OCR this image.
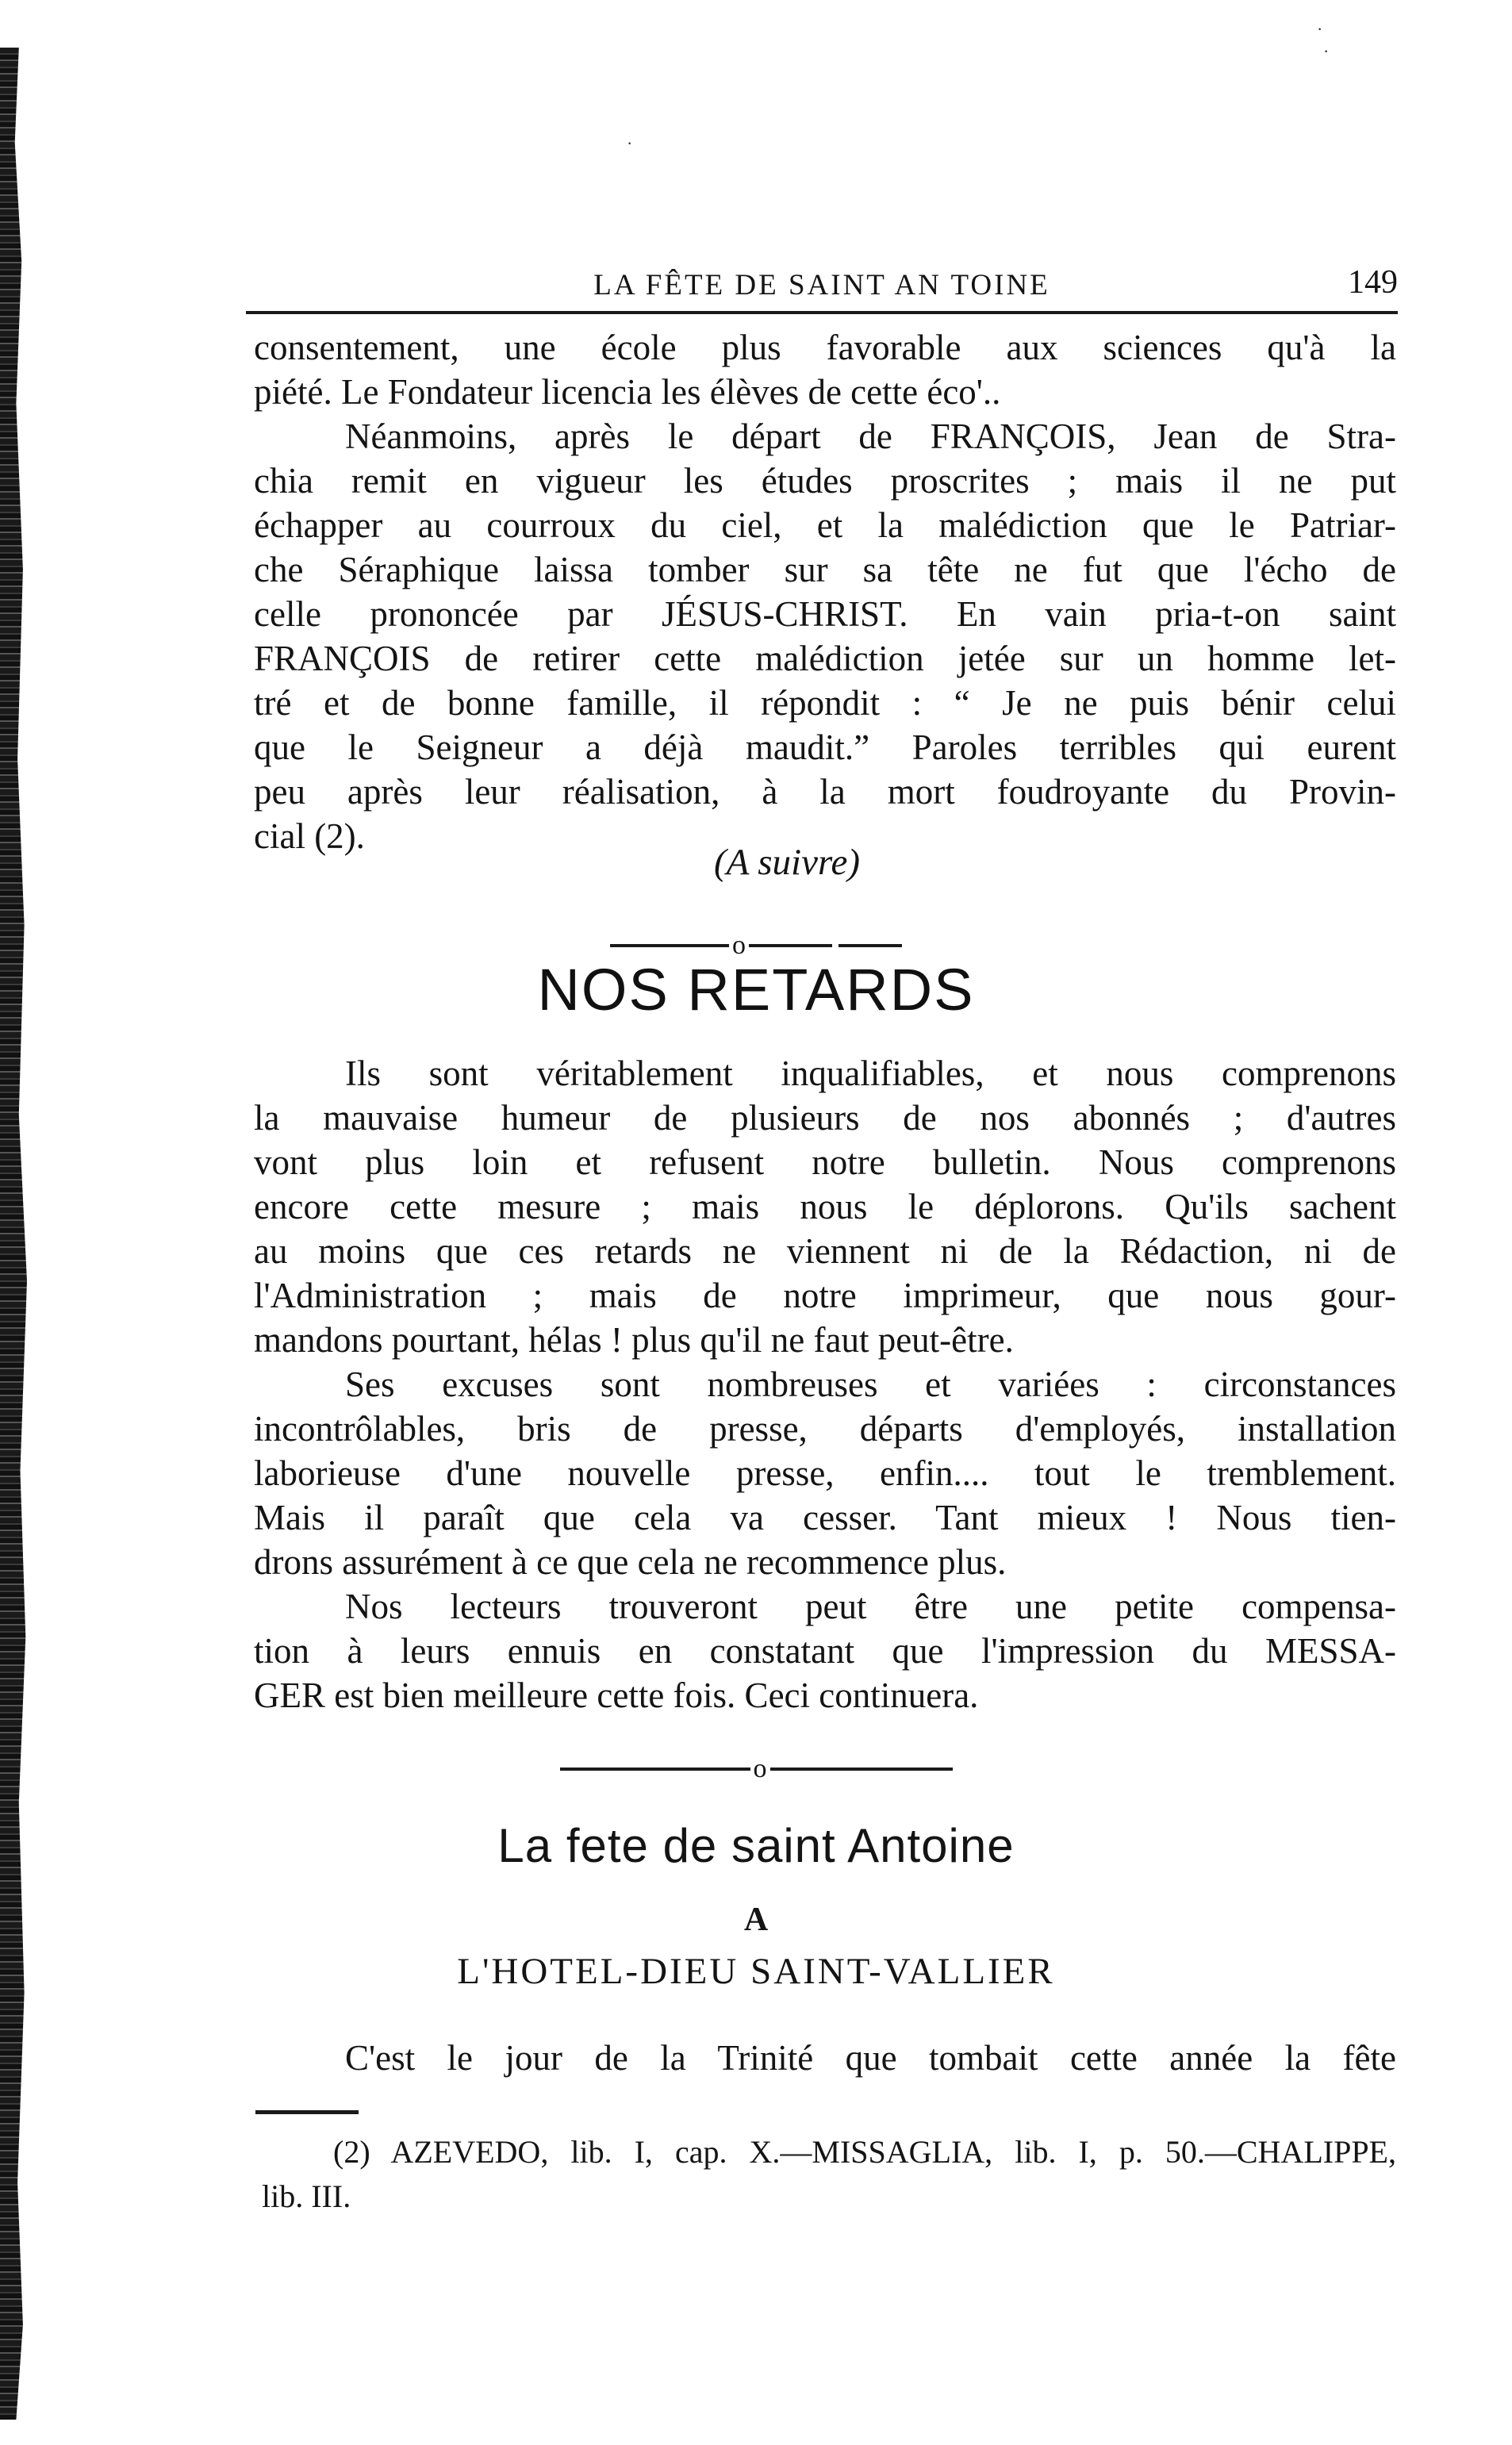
·
·
·
LA FÊTE DE SAINT AN TOINE	149
consentement, une école plus favorable aux sciences qu'à la
piété. Le Fondateur licencia les élèves de cette éco'..
Néanmoins, après le départ de FRANÇOIS, Jean de Stra-
chia remit en vigueur les études proscrites ; mais il ne put
échapper au courroux du ciel, et la malédiction que le Patriar-
che Séraphique laissa tomber sur sa tête ne fut que l'écho de
celle prononcée par JÉSUS-CHRIST. En vain pria-t-on saint
FRANÇOIS de retirer cette malédiction jetée sur un homme let-
tré et de bonne famille, il répondit : “ Je ne puis bénir celui
que le Seigneur a déjà maudit.” Paroles terribles qui eurent
peu après leur réalisation, à la mort foudroyante du Provin-
cial (2).
(A suivre)
o
NOS RETARDS
Ils sont véritablement inqualifiables, et nous comprenons
la mauvaise humeur de plusieurs de nos abonnés ; d'autres
vont plus loin et refusent notre bulletin. Nous comprenons
encore cette mesure ; mais nous le déplorons. Qu'ils sachent
au moins que ces retards ne viennent ni de la Rédaction, ni de
l'Administration ; mais de notre imprimeur, que nous gour-
mandons pourtant, hélas ! plus qu'il ne faut peut-être.
Ses excuses sont nombreuses et variées : circonstances
incontrôlables, bris de presse, départs d'employés, installation
laborieuse d'une nouvelle presse, enfin.... tout le tremblement.
Mais il paraît que cela va cesser. Tant mieux ! Nous tien-
drons assurément à ce que cela ne recommence plus.
Nos lecteurs trouveront peut être une petite compensa-
tion à leurs ennuis en constatant que l'impression du MESSA-
GER est bien meilleure cette fois. Ceci continuera.
o
La fete de saint Antoine
A
L'HOTEL-DIEU SAINT-VALLIER
C'est le jour de la Trinité que tombait cette année la fête
(2) AZEVEDO, lib. I, cap. X.—MISSAGLIA, lib. I, p. 50.—CHALIPPE,
lib. III.
